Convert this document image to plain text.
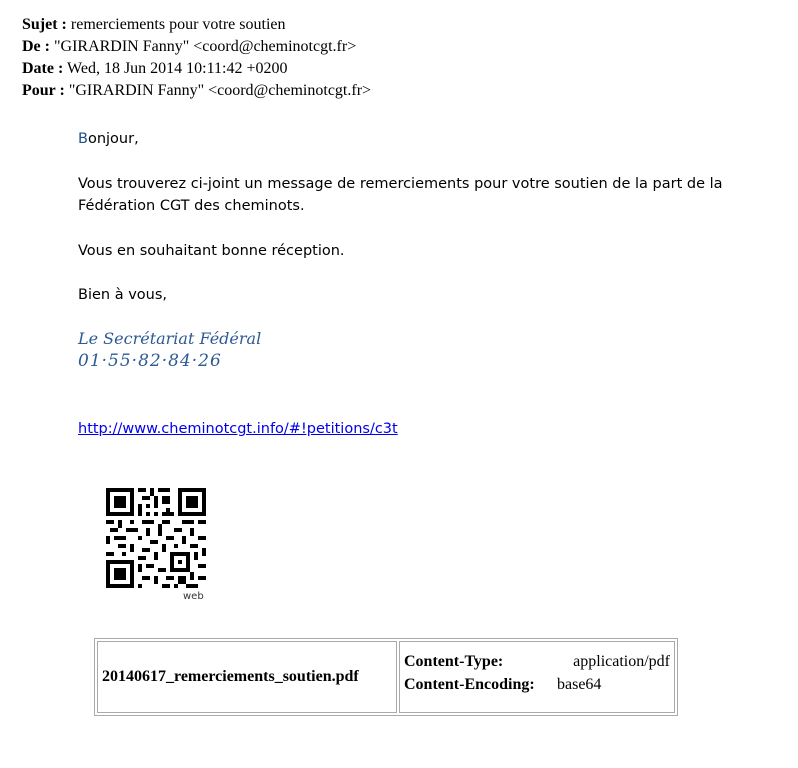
Sujet : remerciements pour votre soutien
De : "GIRARDIN Fanny" <coord@cheminotcgt.fr>
Date : Wed, 18 Jun 2014 10:11:42 +0200
Pour : "GIRARDIN Fanny" <coord@cheminotcgt.fr>

Bonjour,

Vous trouverez ci-joint un message de remerciements pour votre soutien de la part de la Fédération CGT des cheminots.

Vous en souhaitant bonne réception.

Bien à vous,

Le Secrétariat Fédéral
01·55·82·84·26
http://www.cheminotcgt.info/#!petitions/c3t
web
20140617_remerciements_soutien.pdf	
Content-Type:	application/pdf
Content-Encoding:	base64
